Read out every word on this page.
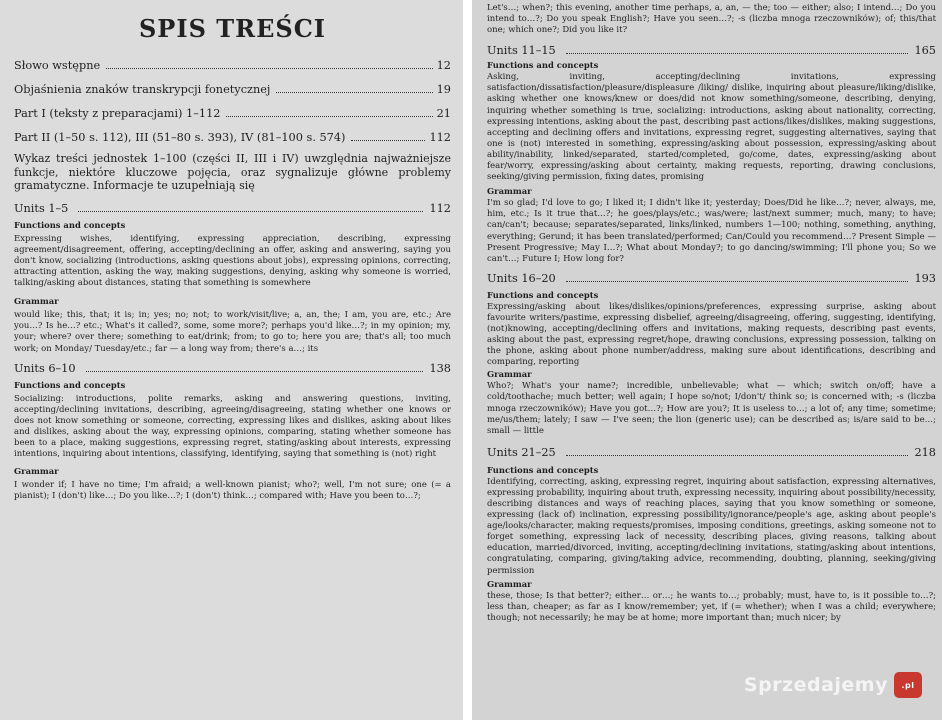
SPIS TREŚCI
Słowo wstępne	12
Objaśnienia znaków transkrypcji fonetycznej	19
Part I (teksty z preparacjami) 1–112	21
Part II (1–50 s. 112), III (51–80 s. 393), IV (81–100 s. 574)	112

Wykaz treści jednostek 1–100 (części II, III i IV) uwzględnia najważniejsze funkcje, niektóre kluczowe pojęcia, oraz sygnalizuje główne problemy gramatyczne. Informacje te uzupełniają się

Units 1–5	112
Functions and concepts

Expressing wishes, identifying, expressing appreciation, describing, expressing agreement/disagreement, offering, accepting/declining an offer, asking and answering, saying you don't know, socializing (introductions, asking questions about jobs), expressing opinions, correcting, attracting attention, asking the way, making suggestions, denying, asking why someone is worried, talking/asking about distances, stating that something is somewhere

Grammar

would like; this, that; it is; in; yes; no; not; to work/visit/live; a, an, the; I am, you are, etc.; Are you…? Is he…? etc.; What's it called?, some, some more?; perhaps you'd like…?; in my opinion; my, your; where? over there; something to eat/drink; from; to go to; here you are; that's all; too much work; on Monday/ Tuesday/etc.; far — a long way from; there's a…; its

Units 6–10	138
Functions and concepts

Socializing: introductions, polite remarks, asking and answering questions, inviting, accepting/declining invitations, describing, agreeing/disagreeing, stating whether one knows or does not know something or someone, correcting, expressing likes and dislikes, asking about likes and dislikes, asking about the way, expressing opinions, comparing, stating whether someone has been to a place, making suggestions, expressing regret, stating/asking about interests, expressing intentions, inquiring about intentions, classifying, identifying, saying that something is (not) right

Grammar

I wonder if; I have no time; I'm afraid; a well-known pianist; who?; well, I'm not sure; one (= a pianist); I (don't) like…; Do you like…?; I (don't) think…; compared with; Have you been to…?;

Let's…; when?; this evening, another time perhaps, a, an, — the; too — either; also; I intend…; Do you intend to…?; Do you speak English?; Have you seen…?; -s (liczba mnoga rzeczowników); of; this/that one; which one?; Did you like it?

Units 11–15	165
Functions and concepts

Asking, inviting, accepting/declining invitations, expressing satisfaction/dissatisfaction/pleasure/displeasure /liking/ dislike, inquiring about pleasure/liking/dislike, asking whether one knows/knew or does/did not know something/someone, describing, denying, inquiring whether something is true, socializing: introductions, asking about nationality, correcting, expressing intentions, asking about the past, describing past actions/likes/dislikes, making suggestions, accepting and declining offers and invitations, expressing regret, suggesting alternatives, saying that one is (not) interested in something, expressing/asking about possession, expressing/asking about ability/inability, linked/separated, started/completed, go/come, dates, expressing/asking about fear/worry, expressing/asking about certainty, making requests, reporting, drawing conclusions, seeking/giving permission, fixing dates, promising

Grammar

I'm so glad; I'd love to go; I liked it; I didn't like it; yesterday; Does/Did he like…?; never, always, me, him, etc.; Is it true that…?; he goes/plays/etc.; was/were; last/next summer; much, many; to have; can/can't; because; separates/separated, links/linked, numbers 1—100; nothing, something, anything, everything; Gerund; it has been translated/performed; Can/Could you recommend…? Present Simple — Present Progressive; May I…?; What about Monday?; to go dancing/swimming; I'll phone you; So we can't…; Future I; How long for?

Units 16–20	193
Functions and concepts

Expressing/asking about likes/dislikes/opinions/preferences, expressing surprise, asking about favourite writers/pastime, expressing disbelief, agreeing/disagreeing, offering, suggesting, identifying, (not)knowing, accepting/declining offers and invitations, making requests, describing past events, asking about the past, expressing regret/hope, drawing conclusions, expressing possession, talking on the phone, asking about phone number/address, making sure about identifications, describing and comparing, reporting

Grammar

Who?; What's your name?; incredible, unbelievable; what — which; switch on/off; have a cold/toothache; much better; well again; I hope so/not; I/don't/ think so; is concerned with; -s (liczba mnoga rzeczowników); Have you got…?; How are you?; It is useless to…; a lot of; any time; sometime; me/us/them; lately; I saw — I've seen; the lion (generic use); can be described as; is/are said to be…; small — little

Units 21–25	218
Functions and concepts

Identifying, correcting, asking, expressing regret, inquiring about satisfaction, expressing alternatives, expressing probability, inquiring about truth, expressing necessity, inquiring about possibility/necessity, describing distances and ways of reaching places, saying that you know something or someone, expressing (lack of) inclination, expressing possibility/ignorance/people's age, asking about people's age/looks/character, making requests/promises, imposing conditions, greetings, asking someone not to forget something, expressing lack of necessity, describing places, giving reasons, talking about education, married/divorced, inviting, accepting/declining invitations, stating/asking about intentions, congratulating, comparing, giving/taking advice, recommending, doubting, planning, seeking/giving permission

Grammar

these, those; Is that better?; either… or…; he wants to…; probably; must, have to, is it possible to…?; less than, cheaper; as far as I know/remember; yet, if (= whether); when I was a child; everywhere; though; not necessarily; he may be at home; more important than; much nicer; by

Sprzedajemy	.pl
